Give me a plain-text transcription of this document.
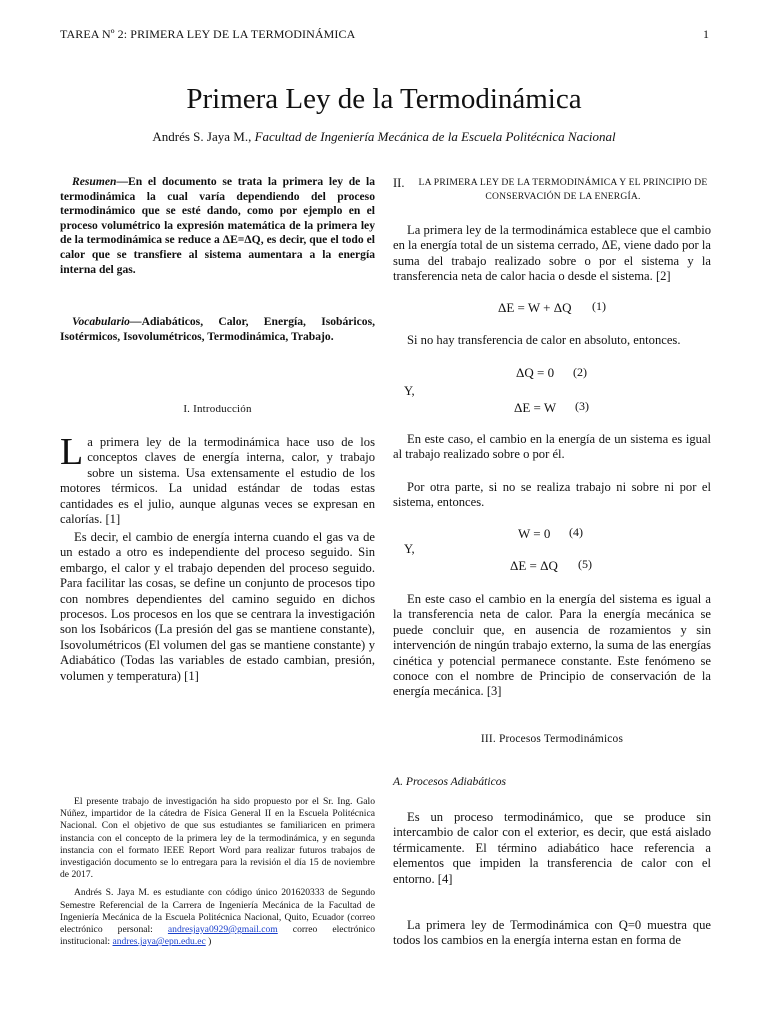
TAREA Nº 2: PRIMERA LEY DE LA TERMODINÁMICA	1
Primera Ley de la Termodinámica
Andrés S. Jaya M., Facultad de Ingeniería Mecánica de la Escuela Politécnica Nacional
Resumen—En el documento se trata la primera ley de la termodinámica la cual varía dependiendo del proceso termodinámico que se esté dando, como por ejemplo en el proceso volumétrico la expresión matemática de la primera ley de la termodinámica se reduce a ΔE=ΔQ, es decir, que el todo el calor que se transfiere al sistema aumentara a la energía interna del gas.
Vocabulario—Adiabáticos, Calor, Energía, Isobáricos, Isotérmicos, Isovolumétricos, Termodinámica, Trabajo.
I. Introducción
La primera ley de la termodinámica hace uso de los conceptos claves de energía interna, calor, y trabajo sobre un sistema. Usa extensamente el estudio de los motores térmicos. La unidad estándar de todas estas cantidades es el julio, aunque algunas veces se expresan en calorías. [1]

Es decir, el cambio de energía interna cuando el gas va de un estado a otro es independiente del proceso seguido. Sin embargo, el calor y el trabajo dependen del proceso seguido. Para facilitar las cosas, se define un conjunto de procesos tipo con nombres dependientes del camino seguido en dichos procesos. Los procesos en los que se centrara la investigación son los Isobáricos (La presión del gas se mantiene constante), Isovolumétricos (El volumen del gas se mantiene constante) y Adiabático (Todas las variables de estado cambian, presión, volumen y temperatura) [1]

El presente trabajo de investigación ha sido propuesto por el Sr. Ing. Galo Núñez, impartidor de la cátedra de Física General II en la Escuela Politécnica Nacional. Con el objetivo de que sus estudiantes se familiaricen en primera instancia con el concepto de la primera ley de la termodinámica, y en segunda instancia con el formato IEEE Report Word para realizar futuros trabajos de investigación documento se lo entregara para la revisión el día 15 de noviembre de 2017.

Andrés S. Jaya M. es estudiante con código único 201620333 de Segundo Semestre Referencial de la Carrera de Ingeniería Mecánica de la Facultad de Ingeniería Mecánica de la Escuela Politécnica Nacional, Quito, Ecuador (correo electrónico personal: andresjaya0929@gmail.com correo electrónico institucional: andres.jaya@epn.edu.ec )

II.	LA PRIMERA LEY DE LA TERMODINÁMICA Y EL PRINCIPIO DE
CONSERVACIÓN DE LA ENERGÍA.

La primera ley de la termodinámica establece que el cambio en la energía total de un sistema cerrado, ΔE, viene dado por la suma del trabajo realizado sobre o por el sistema y la transferencia neta de calor hacia o desde el sistema. [2]

ΔE = W + ΔQ (1)

Si no hay transferencia de calor en absoluto, entonces.

ΔQ = 0 (2)
Y,
ΔE = W (3)

En este caso, el cambio en la energía de un sistema es igual al trabajo realizado sobre o por él.

Por otra parte, si no se realiza trabajo ni sobre ni por el sistema, entonces.

W = 0 (4)
Y,
ΔE = ΔQ (5)

En este caso el cambio en la energía del sistema es igual a la transferencia neta de calor. Para la energía mecánica se puede concluir que, en ausencia de rozamientos y sin intervención de ningún trabajo externo, la suma de las energías cinética y potencial permanece constante. Este fenómeno se conoce con el nombre de Principio de conservación de la energía mecánica. [3]

III. Procesos Termodinámicos
A. Procesos Adiabáticos

Es un proceso termodinámico, que se produce sin intercambio de calor con el exterior, es decir, que está aislado térmicamente. El término adiabático hace referencia a elementos que impiden la transferencia de calor con el entorno. [4]

La primera ley de Termodinámica con Q=0 muestra que todos los cambios en la energía interna estan en forma de
